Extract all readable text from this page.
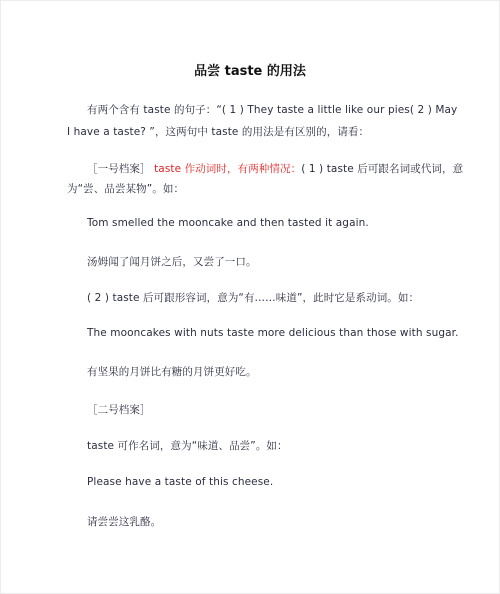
品尝 taste 的用法
有两个含有 taste 的句子：“( 1 ) They taste a little like our pies( 2 ) May
I have a taste? ”，这两句中 taste 的用法是有区别的，请看：
［一号档案］ taste 作动词时，有两种情况：( 1 ) taste 后可跟名词或代词，意
为“尝、品尝某物”。如：
Tom smelled the mooncake and then tasted it again.
汤姆闻了闻月饼之后，又尝了一口。
( 2 ) taste 后可跟形容词，意为“有……味道”，此时它是系动词。如：
The mooncakes with nuts taste more delicious than those with sugar.
有坚果的月饼比有糖的月饼更好吃。
［二号档案］
taste 可作名词，意为“味道、品尝”。如：
Please have a taste of this cheese.
请尝尝这乳酪。
